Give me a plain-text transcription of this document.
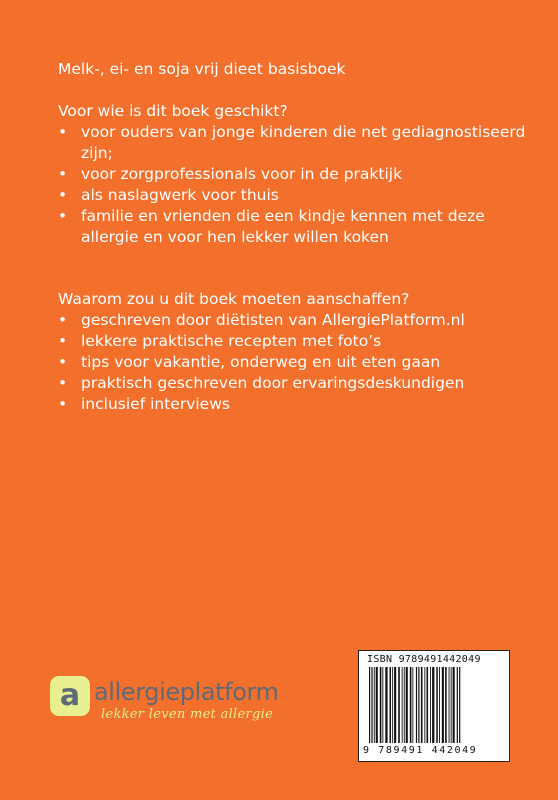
Melk-, ei- en soja vrij dieet basisboek

Voor wie is dit boek geschikt?

• voor ouders van jonge kinderen die net gediagnostiseerd zijn;
• voor zorgprofessionals voor in de praktijk
• als naslagwerk voor thuis
• familie en vrienden die een kindje kennen met deze allergie en voor hen lekker willen koken

Waarom zou u dit boek moeten aanschaffen?

• geschreven door diëtisten van AllergiePlatform.nl
• lekkere praktische recepten met foto’s
• tips voor vakantie, onderweg en uit eten gaan
• praktisch geschreven door ervaringsdeskundigen
• inclusief interviews
a allergieplatform
lekker leven met allergie
ISBN 9789491442049
9 789491 442049
